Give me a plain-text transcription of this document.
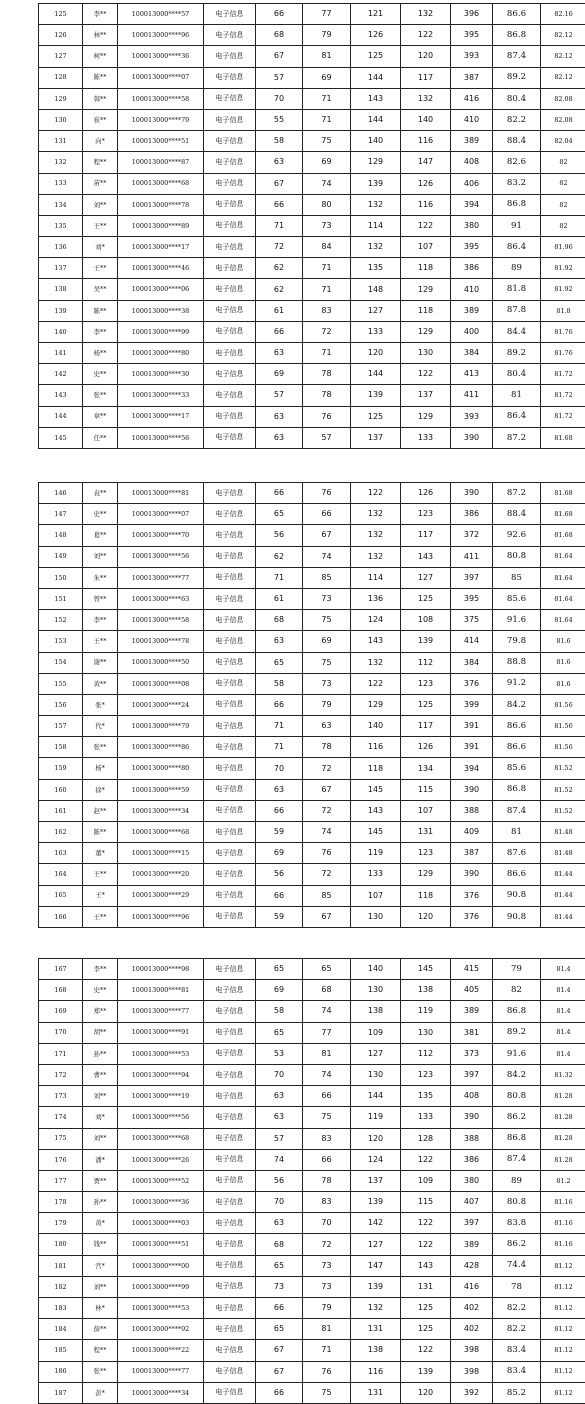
125	李**	100013000****57	电子信息	66	77	121	132	396	86.6	82.16
126	林**	100013000****96	电子信息	68	79	126	122	395	86.8	82.12
127	柯**	100013000****36	电子信息	67	81	125	120	393	87.4	82.12
128	陈**	100013000****07	电子信息	57	69	144	117	387	89.2	82.12
129	韩**	100013000****58	电子信息	70	71	143	132	416	80.4	82.08
130	崔**	100013000****79	电子信息	55	71	144	140	410	82.2	82.08
131	向*	100013000****51	电子信息	58	75	140	116	389	88.4	82.04
132	程**	100013000****87	电子信息	63	69	129	147	408	82.6	82
133	苗**	100013000****68	电子信息	67	74	139	126	406	83.2	82
134	刘**	100013000****78	电子信息	66	80	132	116	394	86.8	82
135	王**	100013000****89	电子信息	71	73	114	122	380	91	82
136	刘*	100013000****17	电子信息	72	84	132	107	395	86.4	81.96
137	王**	100013000****46	电子信息	62	71	135	118	386	89	81.92
138	吴**	100013000****06	电子信息	62	71	148	129	410	81.8	81.92
139	陈**	100013000****38	电子信息	61	83	127	118	389	87.8	81.8
140	李**	100013000****99	电子信息	66	72	133	129	400	84.4	81.76
141	杨**	100013000****80	电子信息	63	71	120	130	384	89.2	81.76
142	史**	100013000****30	电子信息	69	78	144	122	413	80.4	81.72
143	张**	100013000****33	电子信息	57	78	139	137	411	81	81.72
144	章**	100013000****17	电子信息	63	76	125	129	393	86.4	81.72
145	任**	100013000****56	电子信息	63	57	137	133	390	87.2	81.68
146	袁**	100013000****81	电子信息	66	76	122	126	390	87.2	81.68
147	史**	100013000****07	电子信息	65	66	132	123	386	88.4	81.68
148	葛**	100013000****70	电子信息	56	67	132	117	372	92.6	81.68
149	刘**	100013000****56	电子信息	62	74	132	143	411	80.8	81.64
150	朱**	100013000****77	电子信息	71	85	114	127	397	85	81.64
151	曾**	100013000****63	电子信息	61	73	136	125	395	85.6	81.64
152	李**	100013000****58	电子信息	68	75	124	108	375	91.6	81.64
153	王**	100013000****78	电子信息	63	69	143	139	414	79.8	81.6
154	谢**	100013000****50	电子信息	65	75	132	112	384	88.8	81.6
155	黄**	100013000****08	电子信息	58	73	122	123	376	91.2	81.6
156	张*	100013000****24	电子信息	66	79	129	125	399	84.2	81.56
157	代*	100013000****79	电子信息	71	63	140	117	391	86.6	81.56
158	张**	100013000****86	电子信息	71	78	116	126	391	86.6	81.56
159	杨*	100013000****80	电子信息	70	72	118	134	394	85.6	81.52
160	徐*	100013000****59	电子信息	63	67	145	115	390	86.8	81.52
161	赵**	100013000****34	电子信息	66	72	143	107	388	87.4	81.52
162	陈**	100013000****68	电子信息	59	74	145	131	409	81	81.48
163	董*	100013000****15	电子信息	69	76	119	123	387	87.6	81.48
164	王**	100013000****20	电子信息	56	72	133	129	390	86.6	81.44
165	王*	100013000****29	电子信息	66	85	107	118	376	90.8	81.44
166	王**	100013000****96	电子信息	59	67	130	120	376	90.8	81.44
167	李**	100013000****98	电子信息	65	65	140	145	415	79	81.4
168	史**	100013000****81	电子信息	69	68	130	138	405	82	81.4
169	郑**	100013000****77	电子信息	58	74	138	119	389	86.8	81.4
170	胡**	100013000****91	电子信息	65	77	109	130	381	89.2	81.4
171	孙**	100013000****53	电子信息	53	81	127	112	373	91.6	81.4
172	曹**	100013000****94	电子信息	70	74	130	123	397	84.2	81.32
173	刘**	100013000****19	电子信息	63	66	144	135	408	80.8	81.28
174	刘*	100013000****56	电子信息	63	75	119	133	390	86.2	81.28
175	刘**	100013000****68	电子信息	57	83	120	128	388	86.8	81.28
176	潘*	100013000****26	电子信息	74	66	124	122	386	87.4	81.28
177	贾**	100013000****52	电子信息	56	78	137	109	380	89	81.2
178	孙**	100013000****36	电子信息	70	83	139	115	407	80.8	81.16
179	黄*	100013000****03	电子信息	63	70	142	122	397	83.8	81.16
180	钱**	100013000****51	电子信息	68	72	127	122	389	86.2	81.16
181	宫*	100013000****00	电子信息	65	73	147	143	428	74.4	81.12
182	刘**	100013000****99	电子信息	73	73	139	131	416	78	81.12
183	林*	100013000****53	电子信息	66	79	132	125	402	82.2	81.12
184	薛**	100013000****92	电子信息	65	81	131	125	402	82.2	81.12
185	程**	100013000****22	电子信息	67	71	138	122	398	83.4	81.12
186	张**	100013000****77	电子信息	67	76	116	139	398	83.4	81.12
187	彭*	100013000****34	电子信息	66	75	131	120	392	85.2	81.12
